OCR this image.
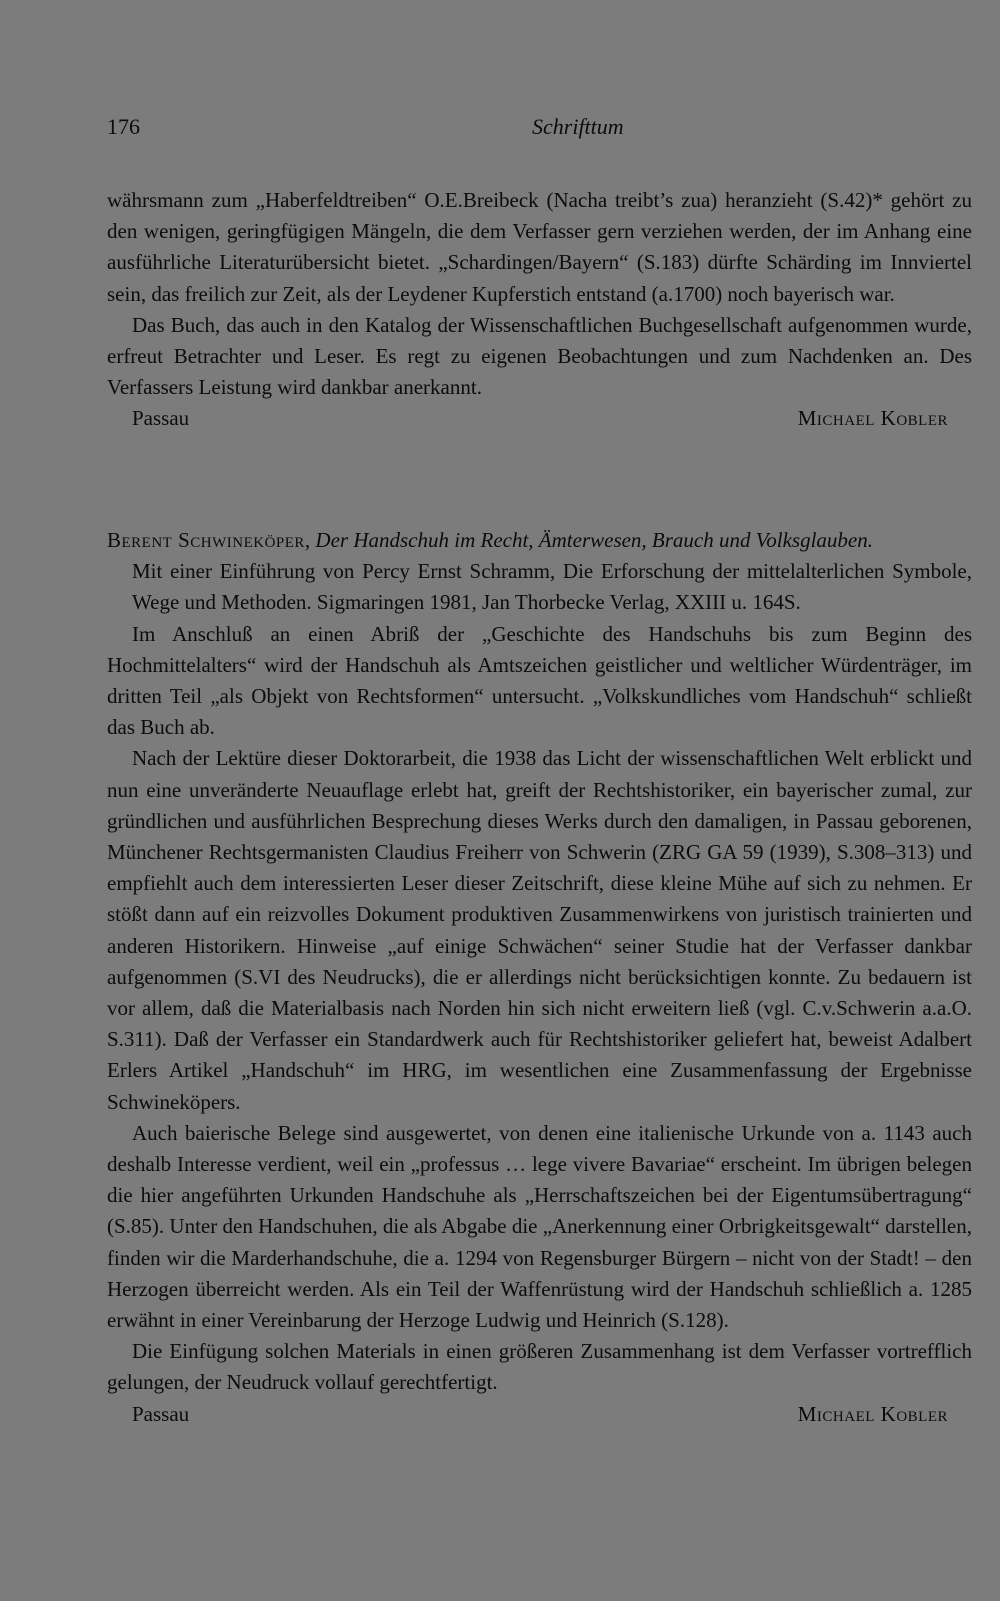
176	Schrifttum

währsmann zum „Haberfeldtreiben“ O.E.Breibeck (Nacha treibt’s zua) heranzieht (S.42)* gehört zu den wenigen, geringfügigen Mängeln, die dem Verfasser gern verziehen werden, der im Anhang eine ausführliche Literaturübersicht bietet. „Schardingen/Bayern“ (S.183) dürfte Schärding im Innviertel sein, das freilich zur Zeit, als der Leydener Kupferstich entstand (a.1700) noch bayerisch war.

Das Buch, das auch in den Katalog der Wissenschaftlichen Buchgesellschaft aufgenommen wurde, erfreut Betrachter und Leser. Es regt zu eigenen Beobachtungen und zum Nachdenken an. Des Verfassers Leistung wird dankbar anerkannt.

Passau	Michael Kobler

Berent Schwineköper, Der Handschuh im Recht, Ämterwesen, Brauch und Volksglauben.

Mit einer Einführung von Percy Ernst Schramm, Die Erforschung der mittelalterlichen Symbole, Wege und Methoden. Sigmaringen 1981, Jan Thorbecke Verlag, XXIII u. 164S.

Im Anschluß an einen Abriß der „Geschichte des Handschuhs bis zum Beginn des Hochmittelalters“ wird der Handschuh als Amtszeichen geistlicher und weltlicher Würdenträger, im dritten Teil „als Objekt von Rechtsformen“ untersucht. „Volkskundliches vom Handschuh“ schließt das Buch ab.

Nach der Lektüre dieser Doktorarbeit, die 1938 das Licht der wissenschaftlichen Welt erblickt und nun eine unveränderte Neuauflage erlebt hat, greift der Rechtshistoriker, ein bayerischer zumal, zur gründlichen und ausführlichen Besprechung dieses Werks durch den damaligen, in Passau geborenen, Münchener Rechtsgermanisten Claudius Freiherr von Schwerin (ZRG GA 59 (1939), S.308–313) und empfiehlt auch dem interessierten Leser dieser Zeitschrift, diese kleine Mühe auf sich zu nehmen. Er stößt dann auf ein reizvolles Dokument produktiven Zusammenwirkens von juristisch trainierten und anderen Historikern. Hinweise „auf einige Schwächen“ seiner Studie hat der Verfasser dankbar aufgenommen (S.VI des Neudrucks), die er allerdings nicht berücksichtigen konnte. Zu bedauern ist vor allem, daß die Materialbasis nach Norden hin sich nicht erweitern ließ (vgl. C.v.Schwerin a.a.O. S.311). Daß der Verfasser ein Standardwerk auch für Rechtshistoriker geliefert hat, beweist Adalbert Erlers Artikel „Handschuh“ im HRG, im wesentlichen eine Zusammenfassung der Ergebnisse Schwineköpers.

Auch baierische Belege sind ausgewertet, von denen eine italienische Urkunde von a. 1143 auch deshalb Interesse verdient, weil ein „professus … lege vivere Bavariae“ erscheint. Im übrigen belegen die hier angeführten Urkunden Handschuhe als „Herrschaftszeichen bei der Eigentumsübertragung“ (S.85). Unter den Handschuhen, die als Abgabe die „Anerkennung einer Orbrigkeitsgewalt“ darstellen, finden wir die Marderhandschuhe, die a. 1294 von Regensburger Bürgern – nicht von der Stadt! – den Herzogen überreicht werden. Als ein Teil der Waffenrüstung wird der Handschuh schließlich a. 1285 erwähnt in einer Vereinbarung der Herzoge Ludwig und Heinrich (S.128).

Die Einfügung solchen Materials in einen größeren Zusammenhang ist dem Verfasser vortrefflich gelungen, der Neudruck vollauf gerechtfertigt.

Passau	Michael Kobler
